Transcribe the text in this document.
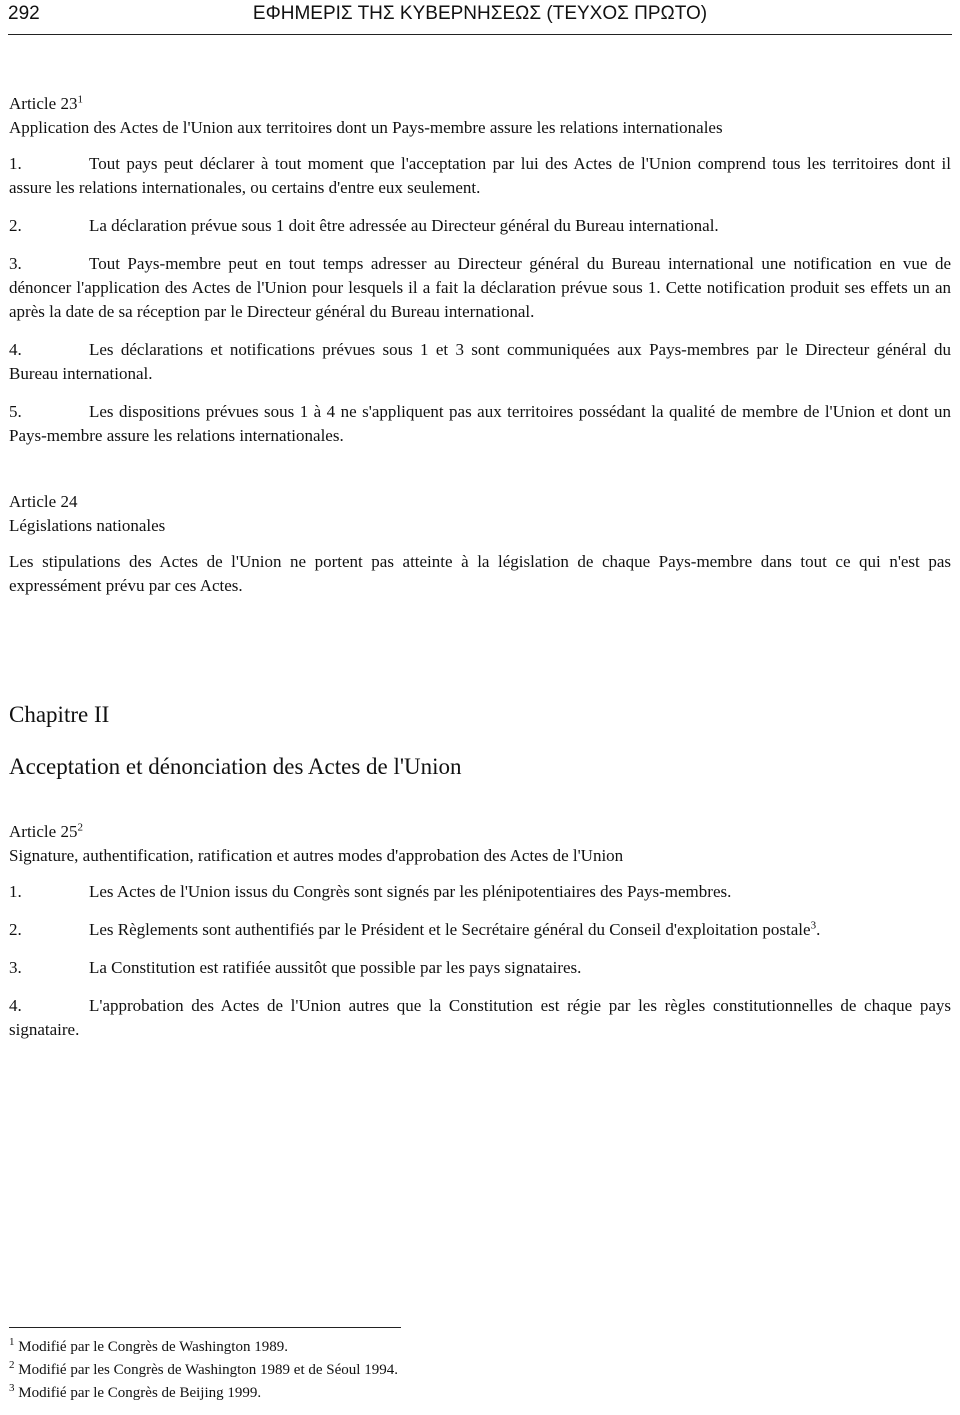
292	ΕΦΗΜΕΡΙΣ ΤΗΣ ΚΥΒΕΡΝΗΣΕΩΣ (ΤΕΥΧΟΣ ΠΡΩΤΟ)

Article $23^1$

Application des Actes de l'Union aux territoires dont un Pays-membre assure les relations internationales

1.	Tout pays peut déclarer à tout moment que l'acceptation par lui des Actes de l'Union comprend tous les territoires dont il assure les relations internationales, ou certains d'entre eux seulement.

2.	La déclaration prévue sous 1 doit être adressée au Directeur général du Bureau international.

3.	Tout Pays-membre peut en tout temps adresser au Directeur général du Bureau international une notification en vue de dénoncer l'application des Actes de l'Union pour lesquels il a fait la déclaration prévue sous 1. Cette notification produit ses effets un an après la date de sa réception par le Directeur général du Bureau international.

4.	Les déclarations et notifications prévues sous 1 et 3 sont communiquées aux Pays-membres par le Directeur général du Bureau international.

5.	Les dispositions prévues sous 1 à 4 ne s'appliquent pas aux territoires possédant la qualité de membre de l'Union et dont un Pays-membre assure les relations internationales.

Article 24

Législations nationales

Les stipulations des Actes de l'Union ne portent pas atteinte à la législation de chaque Pays-membre dans tout ce qui n'est pas expressément prévu par ces Actes.

Chapitre II

Acceptation et dénonciation des Actes de l'Union

Article $25^2$

Signature, authentification, ratification et autres modes d'approbation des Actes de l'Union

1.	Les Actes de l'Union issus du Congrès sont signés par les plénipotentiaires des Pays-membres.

2.	Les Règlements sont authentifiés par le Président et le Secrétaire général du Conseil d'exploitation postale$^3$.

3.	La Constitution est ratifiée aussitôt que possible par les pays signataires.

4.	L'approbation des Actes de l'Union autres que la Constitution est régie par les règles constitutionnelles de chaque pays signataire.

$^1$ Modifié par le Congrès de Washington 1989.

$^2$ Modifié par les Congrès de Washington 1989 et de Séoul 1994.

$^3$ Modifié par le Congrès de Beijing 1999.
